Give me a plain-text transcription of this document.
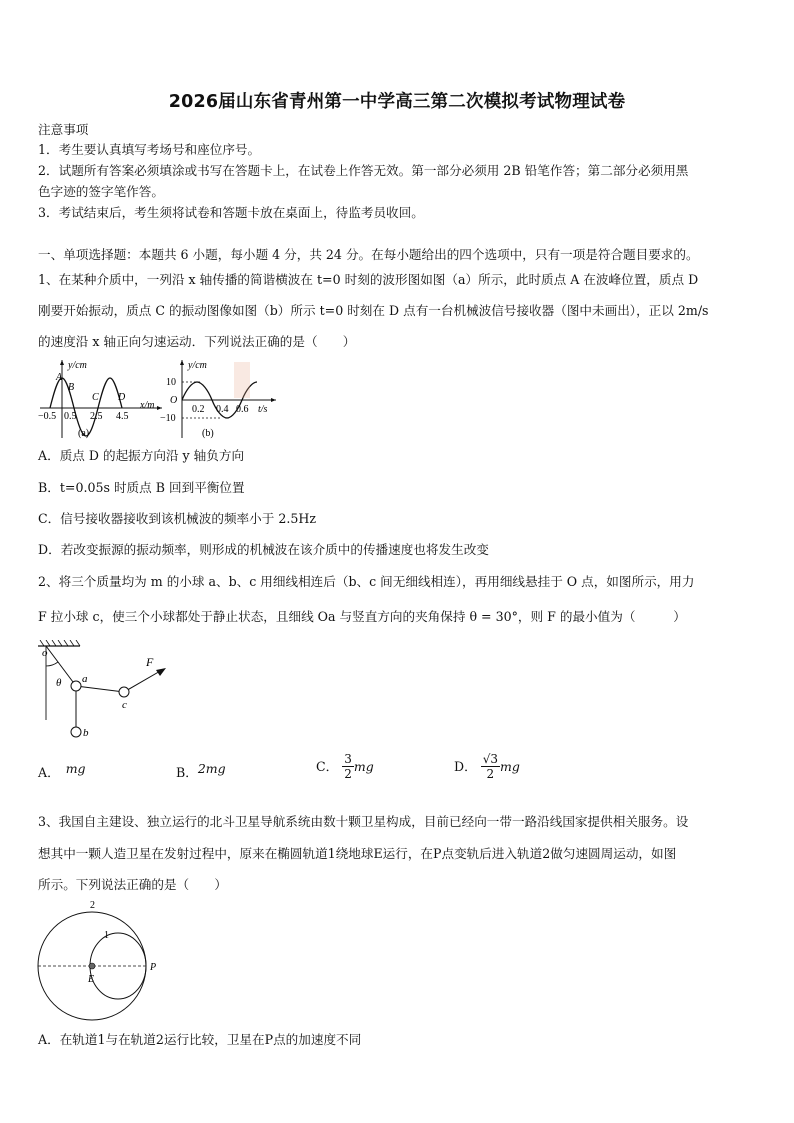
2026届山东省青州第一中学高三第二次模拟考试物理试卷
注意事项
1．考生要认真填写考场号和座位序号。
2．试题所有答案必须填涂或书写在答题卡上，在试卷上作答无效。第一部分必须用 2B 铅笔作答；第二部分必须用黑
色字迹的签字笔作答。
3．考试结束后，考生须将试卷和答题卡放在桌面上，待监考员收回。
一、单项选择题：本题共 6 小题，每小题 4 分，共 24 分。在每小题给出的四个选项中，只有一项是符合题目要求的。
1、在某种介质中，一列沿 x 轴传播的简谐横波在 t=0 时刻的波形图如图（a）所示，此时质点 A 在波峰位置，质点 D
刚要开始振动，质点 C 的振动图像如图（b）所示 t=0 时刻在 D 点有一台机械波信号接收器（图中未画出），正以 2m/s
的速度沿 x 轴正向匀速运动．下列说法正确的是（　　）
y/cm
x/m
A
B
C D
−0.5 0.5 2.5 4.5
(a)
y/cm
t/s
10
O
−10
0.2 0.4 0.6
(b)
A．质点 D 的起振方向沿 y 轴负方向
B．t=0.05s 时质点 B 回到平衡位置
C．信号接收器接收到该机械波的频率小于 2.5Hz
D．若改变振源的振动频率，则形成的机械波在该介质中的传播速度也将发生改变
2、将三个质量均为 m 的小球 a、b、c 用细线相连后（b、c 间无细线相连），再用细线悬挂于 O 点，如图所示，用力
F 拉小球 c，使三个小球都处于静止状态，且细线 Oa 与竖直方向的夹角保持 θ = 30°，则 F 的最小值为（　　　）
o
θ a
b
c
F
A． mg	B．2mg	C． $\frac{3}{2}$ mg	D． $\frac{√3}{2}$ mg
3、我国自主建设、独立运行的北斗卫星导航系统由数十颗卫星构成，目前已经向一带一路沿线国家提供相关服务。设
想其中一颗人造卫星在发射过程中，原来在椭圆轨道1绕地球E运行，在P点变轨后进入轨道2做匀速圆周运动，如图
所示。下列说法正确的是（　　）
2
1
E
P
A．在轨道1与在轨道2运行比较，卫星在P点的加速度不同
